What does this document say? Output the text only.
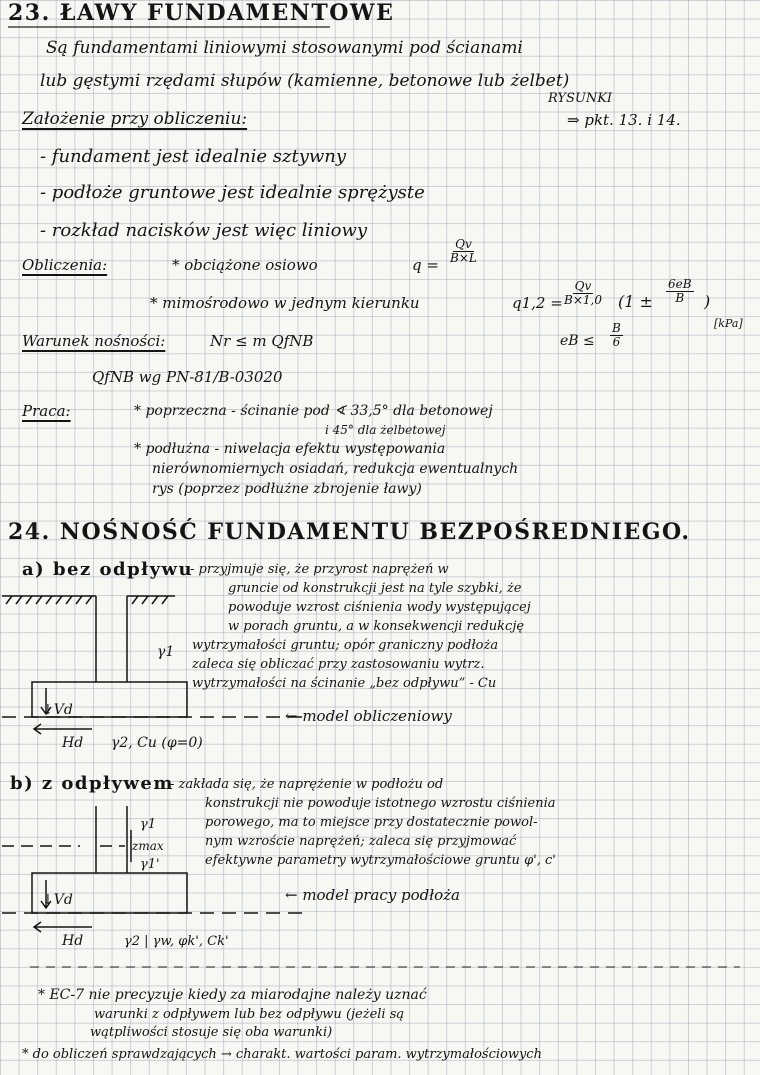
23. ŁAWY FUNDAMENTOWE
Są fundamentami liniowymi stosowanymi pod ścianami
lub gęstymi rzędami słupów (kamienne, betonowe lub żelbet)
RYSUNKI
Założenie przy obliczeniu:	⇒ pkt. 13. i 14.
- fundament jest idealnie sztywny
- podłoże gruntowe jest idealnie sprężyste
- rozkład nacisków jest więc liniowy
Obliczenia:	* obciążone osiowo	$q = \frac{Qv}{B\times L}$
* mimośrodowo w jednym kierunku	$q1,2 = \frac{Qv}{B\times 1,0} (1 \pm \frac{6eB}{B}$ )
[kPa]
Warunek nośności:	Nr ≤ m QfNB	eB ≤ $\frac{B}{6}$
QfNB wg PN-81/B-03020
Praca:	* poprzeczna - ścinanie pod ∢ 33,5° dla betonowej
i 45° dla żelbetowej
* podłużna - niwelacja efektu występowania
nierównomiernych osiadań, redukcja ewentualnych
rys (poprzez podłużne zbrojenie ławy)
24. NOŚNOŚĆ FUNDAMENTU BEZPOŚREDNIEGO.
a) bez odpływu
- przyjmuje się, że przyrost naprężeń w
gruncie od konstrukcji jest na tyle szybki, że
powoduje wzrost ciśnienia wody występującej
w porach gruntu, a w konsekwencji redukcję
wytrzymałości gruntu; opór graniczny podłoża
zaleca się obliczać przy zastosowaniu wytrz.
wytrzymałości na ścinanie „bez odpływu” - Cu
← model obliczeniowy
γ1
↓Vd
Hd γ2, Cu (φ=0)
b) z odpływem
- zakłada się, że naprężenie w podłożu od
konstrukcji nie powoduje istotnego wzrostu ciśnienia
porowego, ma to miejsce przy dostatecznie powol-
nym wzroście naprężeń; zaleca się przyjmować
efektywne parametry wytrzymałościowe gruntu φ', c'
← model pracy podłoża
γ1
zmax
γ1'
↓Vd
Hd	γ2 | γw, φk', Ck'
* EC-7 nie precyzuje kiedy za miarodajne należy uznać
warunki z odpływem lub bez odpływu (jeżeli są
wątpliwości stosuje się oba warunki)
* do obliczeń sprawdzających → charakt. wartości param. wytrzymałościowych
